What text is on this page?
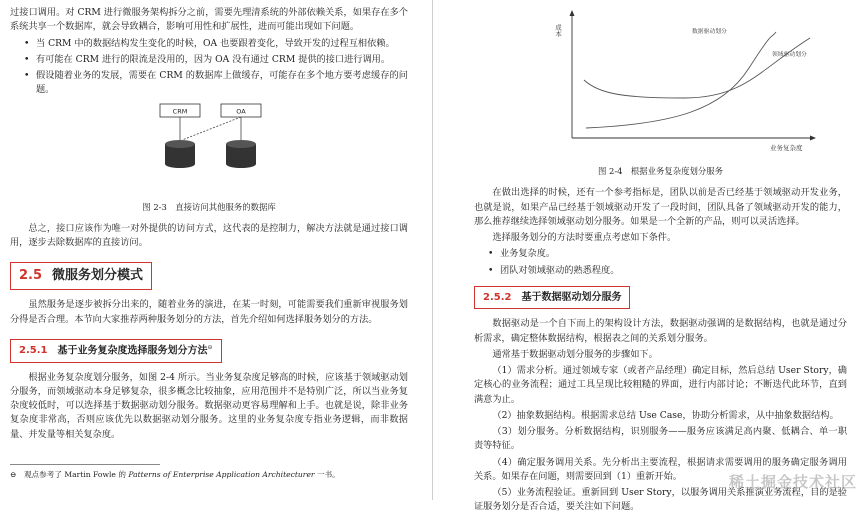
过接口调用。对 CRM 进行微服务架构拆分之前，需要先理清系统的外部依赖关系，如果存在多个系统共享一个数据库，就会导致耦合，影响可用性和扩展性，进而可能出现如下问题。

• 当 CRM 中的数据结构发生变化的时候，OA 也要跟着变化，导致开发的过程互相依赖。
• 有可能在 CRM 进行的限流是没用的，因为 OA 没有通过 CRM 提供的接口进行调用。
• 假设随着业务的发展，需要在 CRM 的数据库上做缓存，可能存在多个地方要考虑缓存的问题。
CRM	OA
图 2-3　直接访问其他服务的数据库

总之，接口应该作为唯一对外提供的访问方式，这代表的是控制力，解决方法就是通过接口调用，逐步去除数据库的直接访问。

2.5 微服务划分模式

虽然服务是逐步被拆分出来的，随着业务的演进，在某一时刻，可能需要我们重新审视服务划分得是否合理。本节向大家推荐两种服务划分的方法，首先介绍如何选择服务划分的方法。

2.5.1 基于业务复杂度选择服务划分方法⊖

根据业务复杂度划分服务，如图 2-4 所示。当业务复杂度足够高的时候，应该基于领域驱动划分服务，而领域驱动本身足够复杂，很多概念比较抽象，应用范围并不是特别广泛，所以当业务复杂度较低时，可以选择基于数据驱动划分服务。数据驱动更容易理解和上手。也就是说，除非业务复杂度非常高，否则应该优先以数据驱动划分服务。这里的业务复杂度专指业务逻辑，而非数据量、并发量等相关复杂度。

⊖　观点参考了 Martin Fowle 的 Patterns of Enterprise Application Architecturer 一书。

成本
业务复杂度
数据驱动划分
领域驱动划分
图 2-4　根据业务复杂度划分服务

在做出选择的时候，还有一个参考指标是，团队以前是否已经基于领域驱动开发业务，也就是说，如果产品已经基于领域驱动开发了一段时间，团队具备了领域驱动开发的能力，那么推荐继续选择领域驱动划分服务。如果是一个全新的产品，则可以灵活选择。

选择服务划分的方法时要重点考虑如下条件。

• 业务复杂度。
• 团队对领域驱动的熟悉程度。
2.5.2 基于数据驱动划分服务

数据驱动是一个自下而上的架构设计方法，数据驱动强调的是数据结构，也就是通过分析需求，确定整体数据结构，根据表之间的关系划分服务。

通常基于数据驱动划分服务的步骤如下。

（1）需求分析。通过领域专家（或者产品经理）确定目标，然后总结 User Story，确定核心的业务流程；通过工具呈现比较粗糙的界面，进行内部讨论；不断迭代此环节，直到满意为止。

（2）抽象数据结构。根据需求总结 Use Case，协助分析需求，从中抽象数据结构。

（3）划分服务。分析数据结构，识别服务——服务应该满足高内聚、低耦合、单一职责等特征。

（4）确定服务调用关系。先分析出主要流程，根据请求需要调用的服务确定服务调用关系。如果存在问题，则需要回到（1）重新开始。

（5）业务流程验证。重新回到 User Story，以服务调用关系推演业务流程，目的是验证服务划分是否合适，要关注如下问题。

稀土掘金技术社区
